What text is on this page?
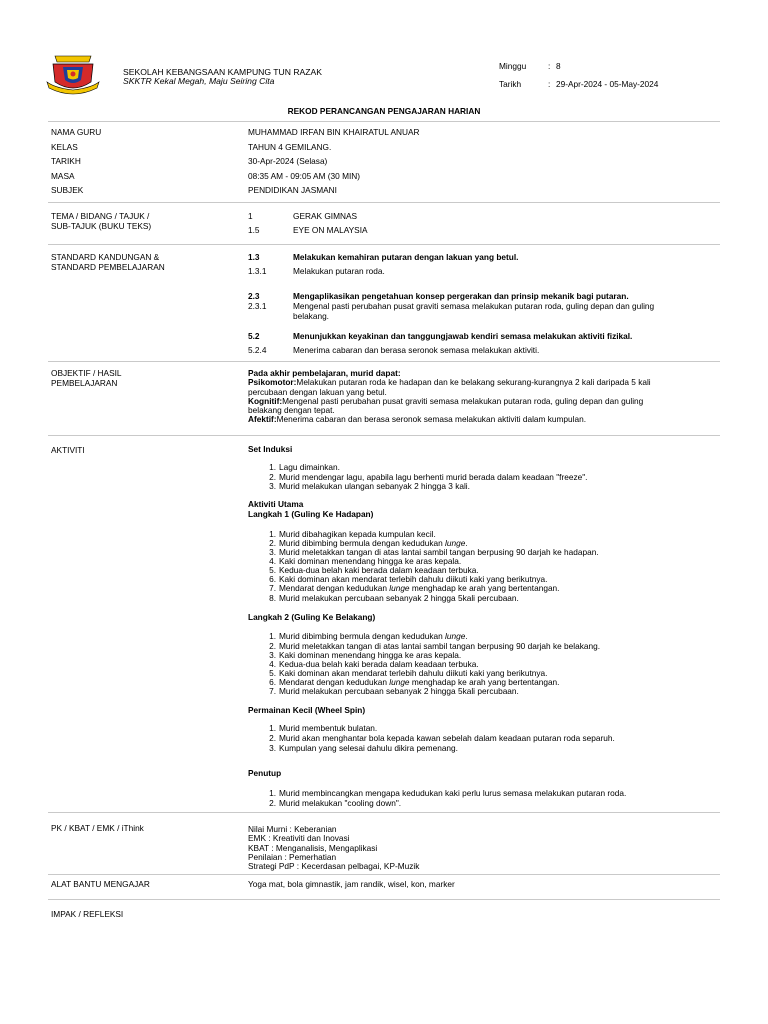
SEKOLAH KEBANGSAAN KAMPUNG TUN RAZAK
SKKTR Kekal Megah, Maju Seiring Cita
Minggu	: 8
Tarikh	: 29-Apr-2024 - 05-May-2024
REKOD PERANCANGAN PENGAJARAN HARIAN
NAMA GURU	MUHAMMAD IRFAN BIN KHAIRATUL ANUAR
KELAS	TAHUN 4 GEMILANG.
TARIKH	30-Apr-2024 (Selasa)
MASA	08:35 AM - 09:05 AM (30 MIN)
SUBJEK	PENDIDIKAN JASMANI
TEMA / BIDANG / TAJUK /
SUB-TAJUK (BUKU TEKS)
1	GERAK GIMNAS
1.5	EYE ON MALAYSIA
STANDARD KANDUNGAN &
STANDARD PEMBELAJARAN
1.3	Melakukan kemahiran putaran dengan lakuan yang betul.
1.3.1	Melakukan putaran roda.
2.3	Mengaplikasikan pengetahuan konsep pergerakan dan prinsip mekanik bagi putaran.
2.3.1	Mengenal pasti perubahan pusat graviti semasa melakukan putaran roda, guling depan dan guling
belakang.
5.2	Menunjukkan keyakinan dan tanggungjawab kendiri semasa melakukan aktiviti fizikal.
5.2.4	Menerima cabaran dan berasa seronok semasa melakukan aktiviti.
OBJEKTIF / HASIL
PEMBELAJARAN
Pada akhir pembelajaran, murid dapat:
Psikomotor:Melakukan putaran roda ke hadapan dan ke belakang sekurang-kurangnya 2 kali daripada 5 kali
percubaan dengan lakuan yang betul.
Kognitif:Mengenal pasti perubahan pusat graviti semasa melakukan putaran roda, guling depan dan guling
belakang dengan tepat.
Afektif:Menerima cabaran dan berasa seronok semasa melakukan aktiviti dalam kumpulan.
AKTIVITI	Set Induksi
1. Lagu dimainkan.
2. Murid mendengar lagu, apabila lagu berhenti murid berada dalam keadaan "freeze".
3. Murid melakukan ulangan sebanyak 2 hingga 3 kali.
Aktiviti Utama
Langkah 1 (Guling Ke Hadapan)
1. Murid dibahagikan kepada kumpulan kecil.
2. Murid dibimbing bermula dengan kedudukan lunge.
3. Murid meletakkan tangan di atas lantai sambil tangan berpusing 90 darjah ke hadapan.
4. Kaki dominan menendang hingga ke aras kepala.
5. Kedua-dua belah kaki berada dalam keadaan terbuka.
6. Kaki dominan akan mendarat terlebih dahulu diikuti kaki yang berikutnya.
7. Mendarat dengan kedudukan lunge menghadap ke arah yang bertentangan.
8. Murid melakukan percubaan sebanyak 2 hingga 5kali percubaan.
Langkah 2 (Guling Ke Belakang)
1. Murid dibimbing bermula dengan kedudukan lunge.
2. Murid meletakkan tangan di atas lantai sambil tangan berpusing 90 darjah ke belakang.
3. Kaki dominan menendang hingga ke aras kepala.
4. Kedua-dua belah kaki berada dalam keadaan terbuka.
5. Kaki dominan akan mendarat terlebih dahulu diikuti kaki yang berikutnya.
6. Mendarat dengan kedudukan lunge menghadap ke arah yang bertentangan.
7. Murid melakukan percubaan sebanyak 2 hingga 5kali percubaan.
Permainan Kecil (Wheel Spin)
1. Murid membentuk bulatan.
2. Murid akan menghantar bola kepada kawan sebelah dalam keadaan putaran roda separuh.
3. Kumpulan yang selesai dahulu dikira pemenang.
Penutup
1. Murid membincangkan mengapa kedudukan kaki perlu lurus semasa melakukan putaran roda.
2. Murid melakukan "cooling down".
PK / KBAT / EMK / iThink	Nilai Murni : Keberanian
EMK : Kreativiti dan Inovasi
KBAT : Menganalisis, Mengaplikasi
Penilaian : Pemerhatian
Strategi PdP : Kecerdasan pelbagai, KP-Muzik
ALAT BANTU MENGAJAR	Yoga mat, bola gimnastik, jam randik, wisel, kon, marker
IMPAK / REFLEKSI
